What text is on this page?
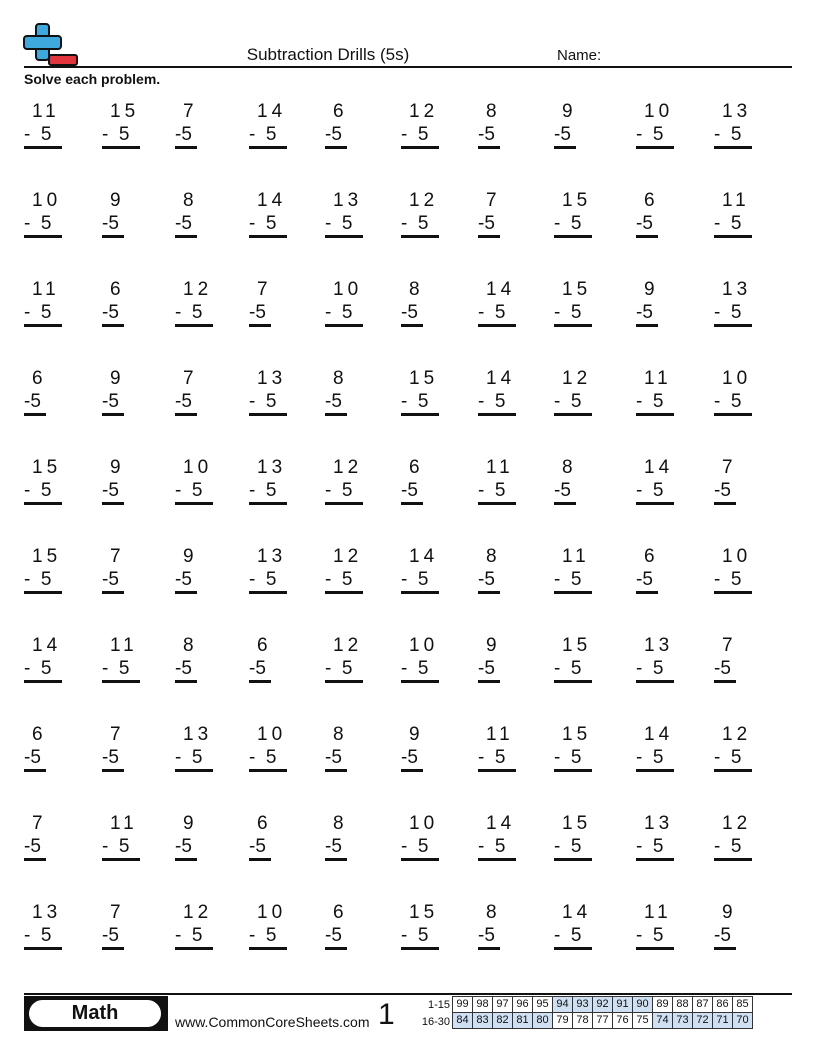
Subtraction Drills (5s)	Name:
Solve each problem.
11
-  5
15
-  5
7
-5
14
-  5
6
-5
12
-  5
8
-5
9
-5
10
-  5
13
-  5
10
-  5
9
-5
8
-5
14
-  5
13
-  5
12
-  5
7
-5
15
-  5
6
-5
11
-  5
11
-  5
6
-5
12
-  5
7
-5
10
-  5
8
-5
14
-  5
15
-  5
9
-5
13
-  5
6
-5
9
-5
7
-5
13
-  5
8
-5
15
-  5
14
-  5
12
-  5
11
-  5
10
-  5
15
-  5
9
-5
10
-  5
13
-  5
12
-  5
6
-5
11
-  5
8
-5
14
-  5
7
-5
15
-  5
7
-5
9
-5
13
-  5
12
-  5
14
-  5
8
-5
11
-  5
6
-5
10
-  5
14
-  5
11
-  5
8
-5
6
-5
12
-  5
10
-  5
9
-5
15
-  5
13
-  5
7
-5
6
-5
7
-5
13
-  5
10
-  5
8
-5
9
-5
11
-  5
15
-  5
14
-  5
12
-  5
7
-5
11
-  5
9
-5
6
-5
8
-5
10
-  5
14
-  5
15
-  5
13
-  5
12
-  5
13
-  5
7
-5
12
-  5
10
-  5
6
-5
15
-  5
8
-5
14
-  5
11
-  5
9
-5
Math	www.CommonCoreSheets.com 1	1-15
16-30
99	98	97	96	95	94	93	92	91	90	89	88	87	86	85
84	83	82	81	80	79	78	77	76	75	74	73	72	71	70
